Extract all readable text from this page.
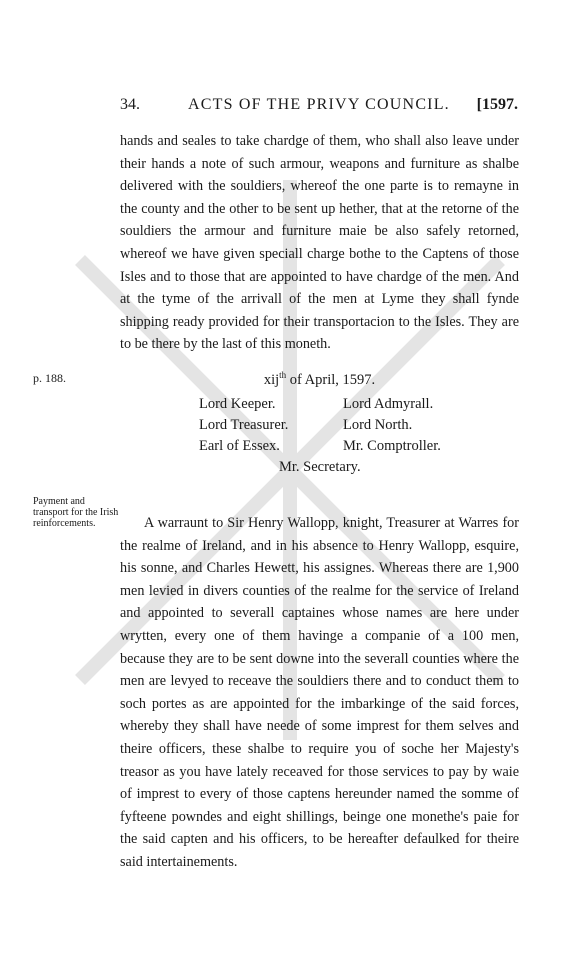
34.	ACTS OF THE PRIVY COUNCIL. [1597.

hands and seales to take chardge of them, who shall also leave under their hands a note of such armour, weapons and furniture as shalbe delivered with the souldiers, whereof the one parte is to remayne in the county and the other to be sent up hether, that at the retorne of the souldiers the armour and furniture maie be also safely retorned, whereof we have given speciall charge bothe to the Captens of those Isles and to those that are appointed to have chardge of the men. And at the tyme of the arrivall of the men at Lyme they shall fynde shipping ready provided for their transportacion to the Isles. They are to be there by the last of this moneth.

p. 188.	xij$^{th}$ of April, 1597.
Lord Keeper.	Lord Admyrall.
Lord Treasurer.	Lord North.
Earl of Essex.	Mr. Comptroller.
Mr. Secretary.
Payment and transport for the Irish reinforcements.	A warraunt to Sir Henry Wallopp, knight, Treasurer at Warres for the realme of Ireland, and in his absence to Henry Wallopp, esquire, his sonne, and Charles Hewett, his assignes. Whereas there are 1,900 men levied in divers counties of the realme for the service of Ireland and appointed to severall captaines whose names are here under wrytten, every one of them havinge a companie of a 100 men, because they are to be sent downe into the severall counties where the men are levyed to receave the souldiers there and to conduct them to soch portes as are appointed for the imbarkinge of the said forces, whereby they shall have neede of some imprest for them selves and theire officers, these shalbe to require you of soche her Majesty's treasor as you have lately receaved for those services to pay by waie of imprest to every of those captens hereunder named the somme of fyfteene powndes and eight shillings, beinge one monethe's paie for the said capten and his officers, to be hereafter defaulked for theire said intertainements.
